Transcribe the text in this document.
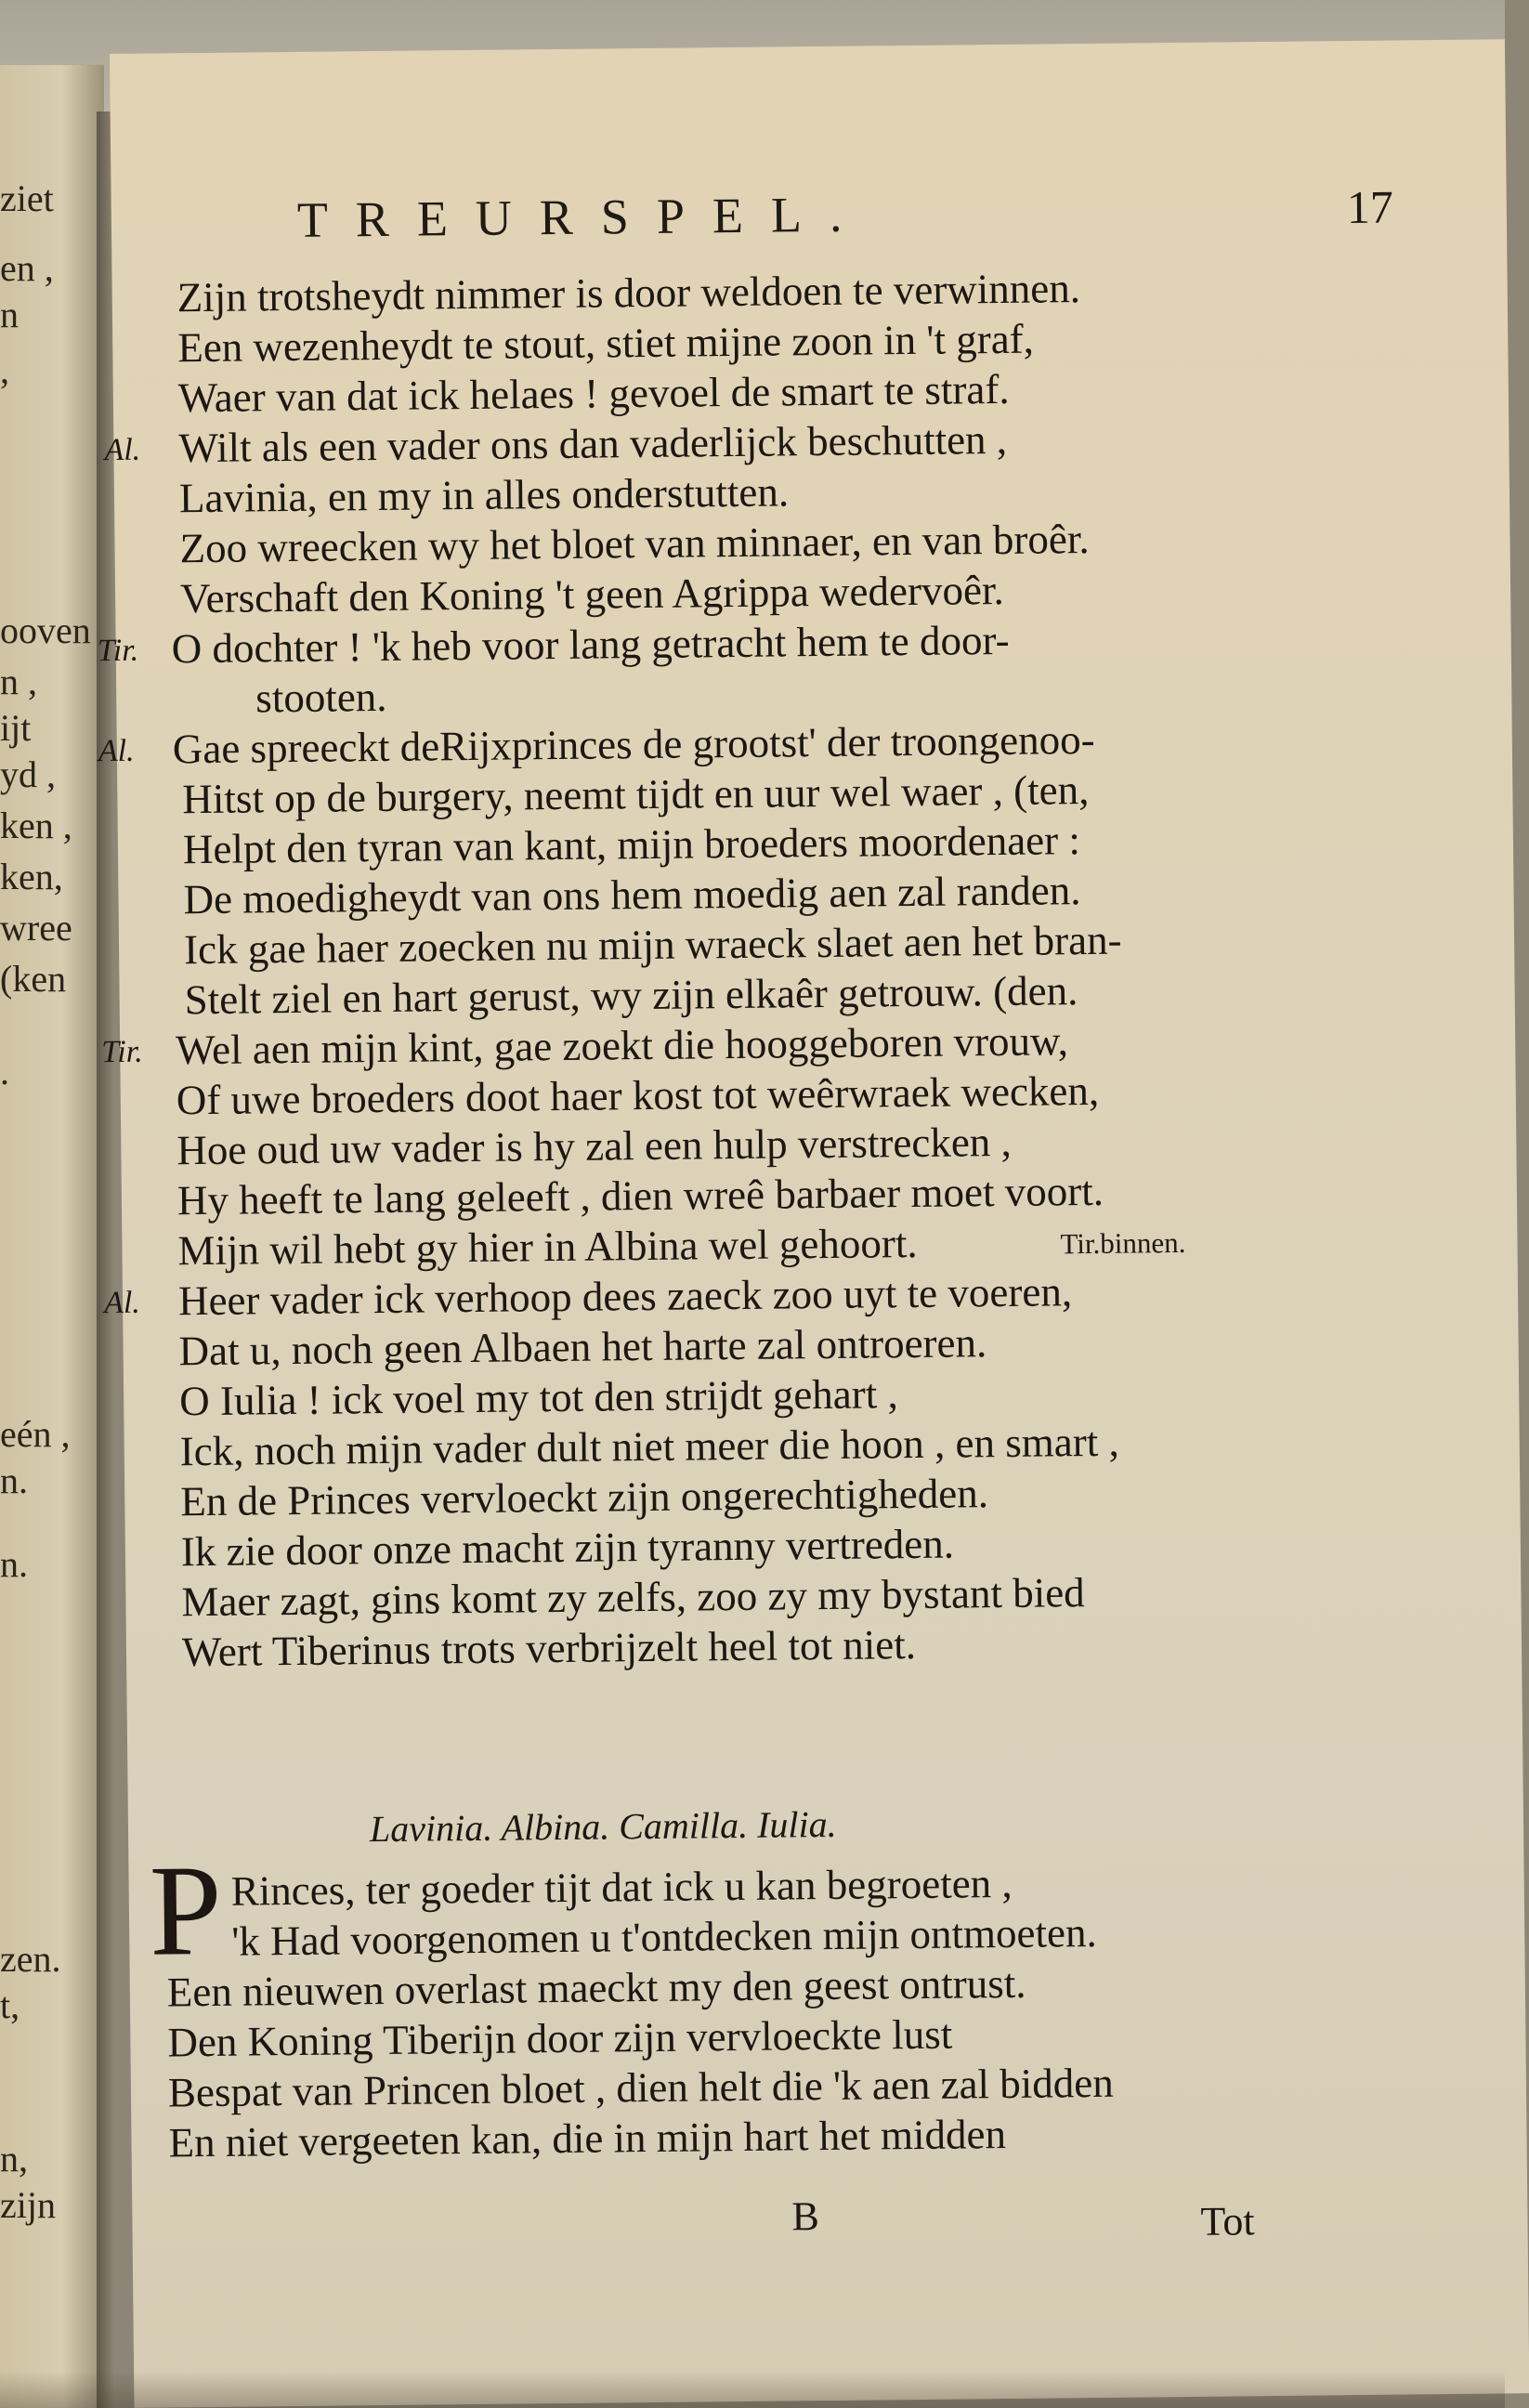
ziet
en ,
n
,
ooven
n ,
ijt
yd ,
ken ,
ken,
wree
(ken
.
eén ,
n.
n.
zen.
t,
n,
zijn
TREURSPEL.	17
Zijn trotsheydt nimmer is door weldoen te verwinnen.
Een wezenheydt te stout, stiet mijne zoon in 't graf,
Waer van dat ick helaes ! gevoel de smart te straf.
Al. Wilt als een vader ons dan vaderlijck beschutten ,
Lavinia, en my in alles onderstutten.
Zoo wreecken wy het bloet van minnaer, en van broêr.
Verschaft den Koning 't geen Agrippa wedervoêr.
Tir. O dochter ! 'k heb voor lang getracht hem te door-
stooten.
Al. Gae spreeckt deRijxprinces de grootst' der troongenoo-
Hitst op de burgery, neemt tijdt en uur wel waer , (ten,
Helpt den tyran van kant, mijn broeders moordenaer :
De moedigheydt van ons hem moedig aen zal randen.
Ick gae haer zoecken nu mijn wraeck slaet aen het bran-
Stelt ziel en hart gerust, wy zijn elkaêr getrouw. (den.
Tir. Wel aen mijn kint, gae zoekt die hooggeboren vrouw,
Of uwe broeders doot haer kost tot weêrwraek wecken,
Hoe oud uw vader is hy zal een hulp verstrecken ,
Hy heeft te lang geleeft , dien wreê barbaer moet voort.
Mijn wil hebt gy hier in Albina wel gehoort.	Tir.binnen.
Al. Heer vader ick verhoop dees zaeck zoo uyt te voeren,
Dat u, noch geen Albaen het harte zal ontroeren.
O Iulia ! ick voel my tot den strijdt gehart ,
Ick, noch mijn vader dult niet meer die hoon , en smart ,
En de Princes vervloeckt zijn ongerechtigheden.
Ik zie door onze macht zijn tyranny vertreden.
Maer zagt, gins komt zy zelfs, zoo zy my bystant bied
Wert Tiberinus trots verbrijzelt heel tot niet.
Lavinia. Albina. Camilla. Iulia.
P Rinces, ter goeder tijt dat ick u kan begroeten ,
'k Had voorgenomen u t'ontdecken mijn ontmoeten.
Een nieuwen overlast maeckt my den geest ontrust.
Den Koning Tiberijn door zijn vervloeckte lust
Bespat van Princen bloet , dien helt die 'k aen zal bidden
En niet vergeeten kan, die in mijn hart het midden
B	Tot
